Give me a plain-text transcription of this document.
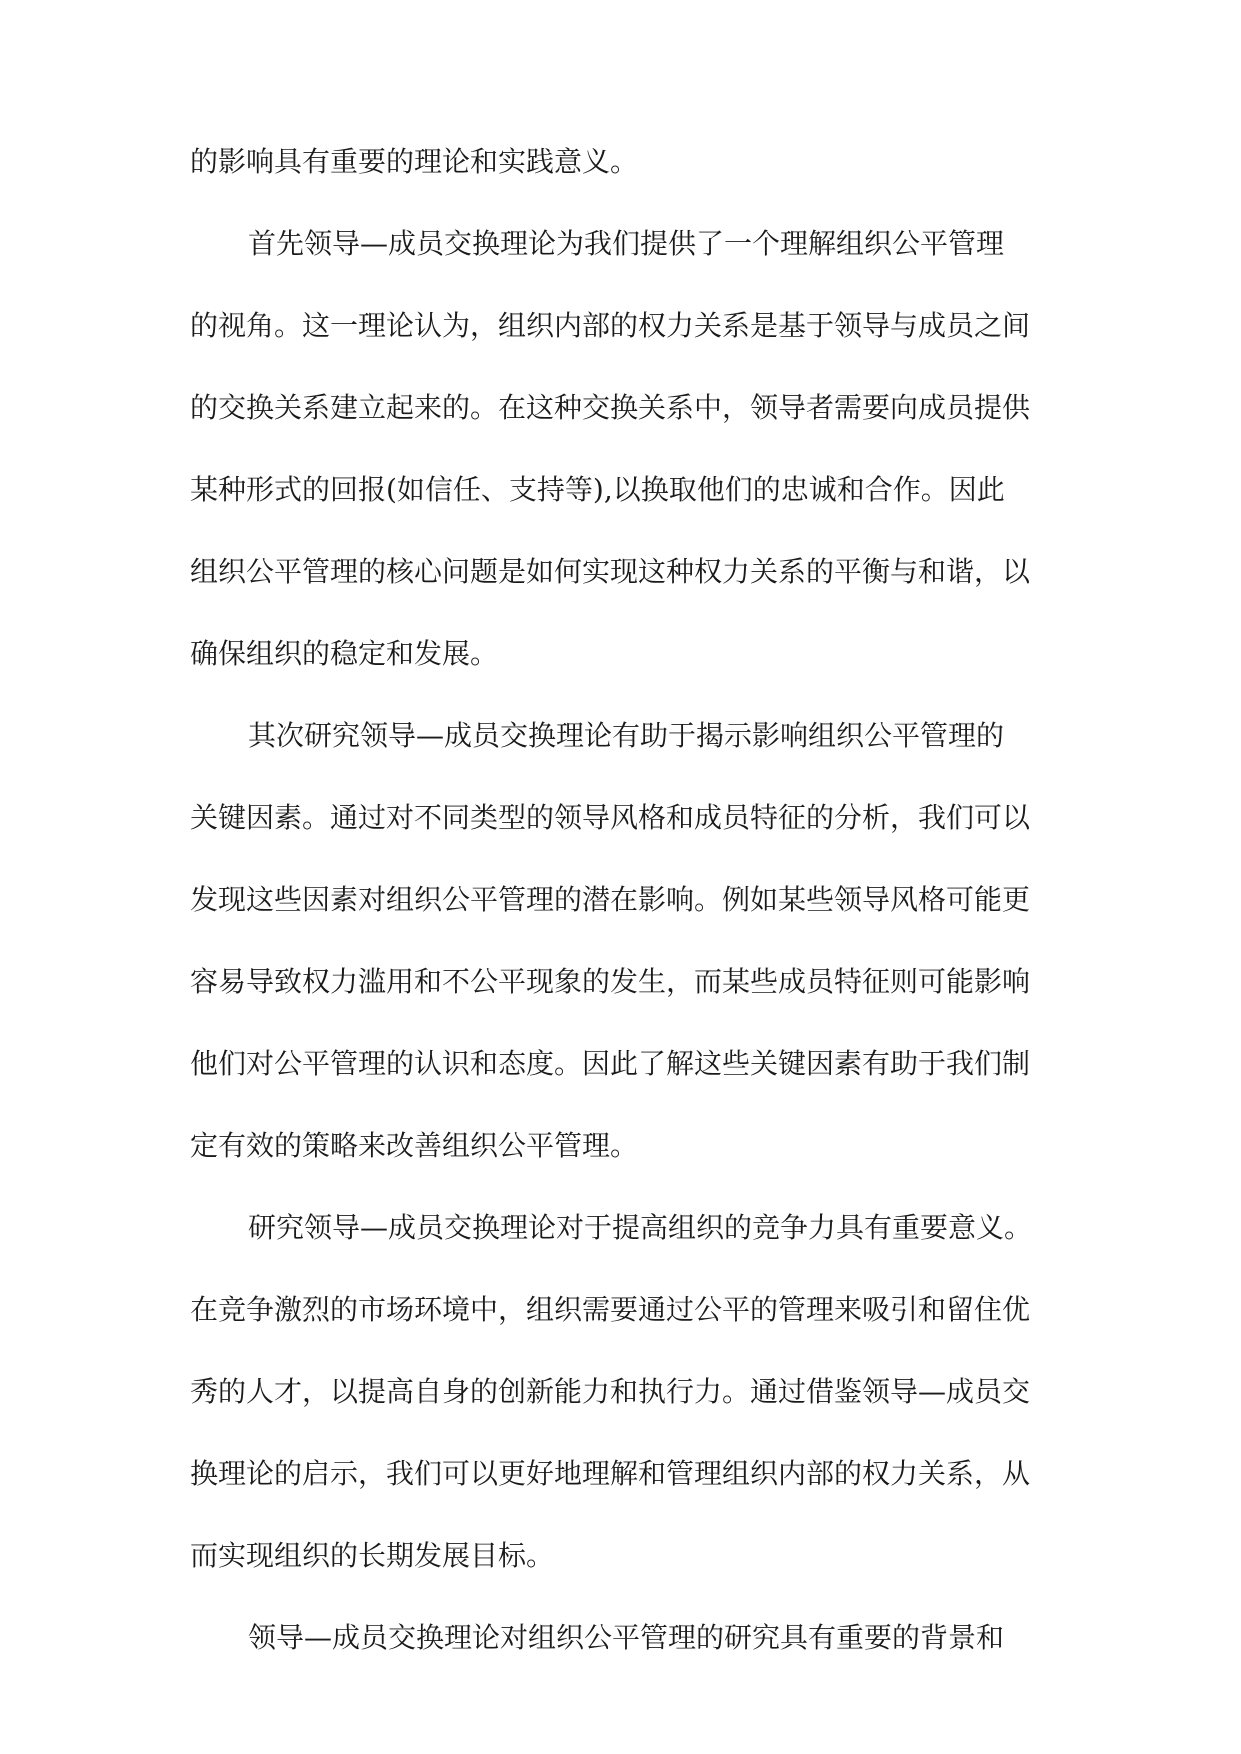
的影响具有重要的理论和实践意义。
首先领导—成员交换理论为我们提供了一个理解组织公平管理
的视角。这一理论认为，组织内部的权力关系是基于领导与成员之间
的交换关系建立起来的。在这种交换关系中，领导者需要向成员提供
某种形式的回报(如信任、支持等),以换取他们的忠诚和合作。因此
组织公平管理的核心问题是如何实现这种权力关系的平衡与和谐，以
确保组织的稳定和发展。
其次研究领导—成员交换理论有助于揭示影响组织公平管理的
关键因素。通过对不同类型的领导风格和成员特征的分析，我们可以
发现这些因素对组织公平管理的潜在影响。例如某些领导风格可能更
容易导致权力滥用和不公平现象的发生，而某些成员特征则可能影响
他们对公平管理的认识和态度。因此了解这些关键因素有助于我们制
定有效的策略来改善组织公平管理。
研究领导—成员交换理论对于提高组织的竞争力具有重要意义。
在竞争激烈的市场环境中，组织需要通过公平的管理来吸引和留住优
秀的人才，以提高自身的创新能力和执行力。通过借鉴领导—成员交
换理论的启示，我们可以更好地理解和管理组织内部的权力关系，从
而实现组织的长期发展目标。
领导—成员交换理论对组织公平管理的研究具有重要的背景和
